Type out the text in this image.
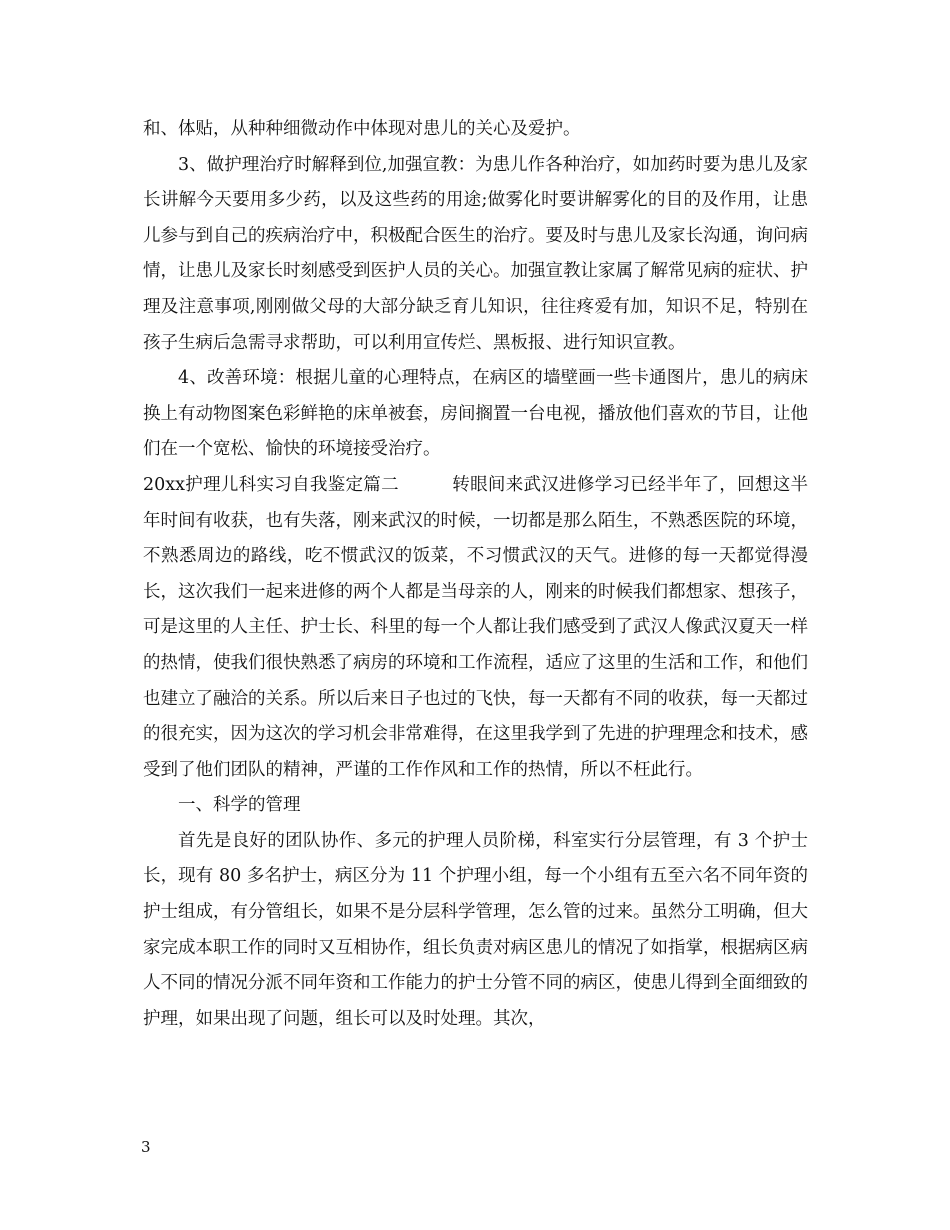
和、体贴，从种种细微动作中体现对患儿的关心及爱护。

3、做护理治疗时解释到位,加强宣教：为患儿作各种治疗，如加药时要为患儿及家长讲解今天要用多少药，以及这些药的用途;做雾化时要讲解雾化的目的及作用，让患儿参与到自己的疾病治疗中，积极配合医生的治疗。要及时与患儿及家长沟通，询问病情，让患儿及家长时刻感受到医护人员的关心。加强宣教让家属了解常见病的症状、护理及注意事项,刚刚做父母的大部分缺乏育儿知识，往往疼爱有加，知识不足，特别在孩子生病后急需寻求帮助，可以利用宣传烂、黑板报、进行知识宣教。

4、改善环境：根据儿童的心理特点，在病区的墙壁画一些卡通图片，患儿的病床换上有动物图案色彩鲜艳的床单被套，房间搁置一台电视，播放他们喜欢的节目，让他们在一个宽松、愉快的环境接受治疗。

20xx护理儿科实习自我鉴定篇二　　　转眼间来武汉进修学习已经半年了，回想这半年时间有收获，也有失落，刚来武汉的时候，一切都是那么陌生，不熟悉医院的环境，不熟悉周边的路线，吃不惯武汉的饭菜，不习惯武汉的天气。进修的每一天都觉得漫长，这次我们一起来进修的两个人都是当母亲的人，刚来的时候我们都想家、想孩子，可是这里的人主任、护士长、科里的每一个人都让我们感受到了武汉人像武汉夏天一样的热情，使我们很快熟悉了病房的环境和工作流程，适应了这里的生活和工作，和他们也建立了融洽的关系。所以后来日子也过的飞快，每一天都有不同的收获，每一天都过的很充实，因为这次的学习机会非常难得，在这里我学到了先进的护理理念和技术，感受到了他们团队的精神，严谨的工作作风和工作的热情，所以不枉此行。

一、科学的管理

首先是良好的团队协作、多元的护理人员阶梯，科室实行分层管理，有 3 个护士长，现有 80 多名护士，病区分为 11 个护理小组，每一个小组有五至六名不同年资的护士组成，有分管组长，如果不是分层科学管理，怎么管的过来。虽然分工明确，但大家完成本职工作的同时又互相协作，组长负责对病区患儿的情况了如指掌，根据病区病人不同的情况分派不同年资和工作能力的护士分管不同的病区，使患儿得到全面细致的护理，如果出现了问题，组长可以及时处理。其次，

3
